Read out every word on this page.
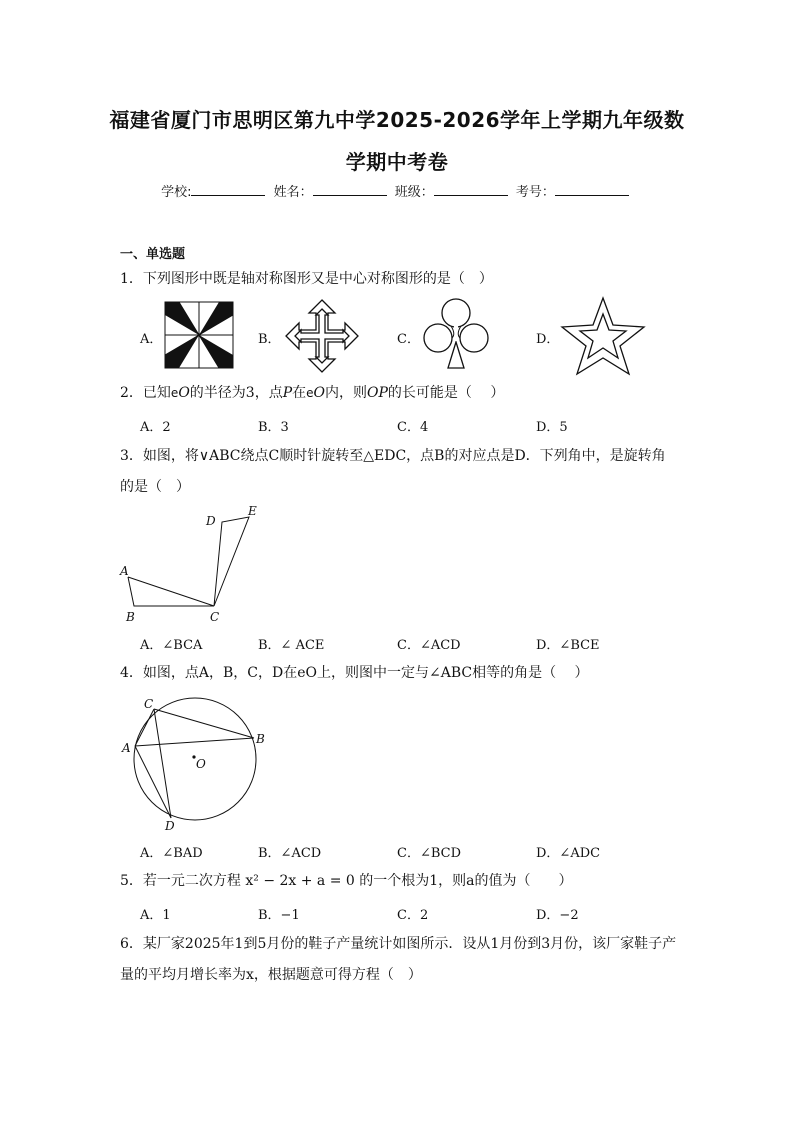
福建省厦门市思明区第九中学2025-2026学年上学期九年级数
学期中考卷
学校:	姓名：	班级：	考号：
一、单选题
1．下列图形中既是轴对称图形又是中心对称图形的是（　）
A．	B．	C．	D．
2．已知eO的半径为3，点P在eO内，则OP的长可能是（　 ）
A．2	B．3	C．4	D．5
3．如图，将∨ABC绕点C顺时针旋转至△EDC，点B的对应点是D．下列角中，是旋转角
的是（　）
A
B	C
D
E
A．∠BCA	B．∠ ACE	C．∠ACD	D．∠BCE
4．如图，点A，B，C，D在eO上，则图中一定与∠ABC相等的角是（　 ）
C
A
B
O
D
A．∠BAD	B．∠ACD	C．∠BCD	D．∠ADC
5．若一元二次方程 x² − 2x + a = 0 的一个根为1，则a的值为（　　）
A．1	B．−1	C．2	D．−2
6．某厂家2025年1到5月份的鞋子产量统计如图所示．设从1月份到3月份，该厂家鞋子产
量的平均月增长率为x，根据题意可得方程（　）
